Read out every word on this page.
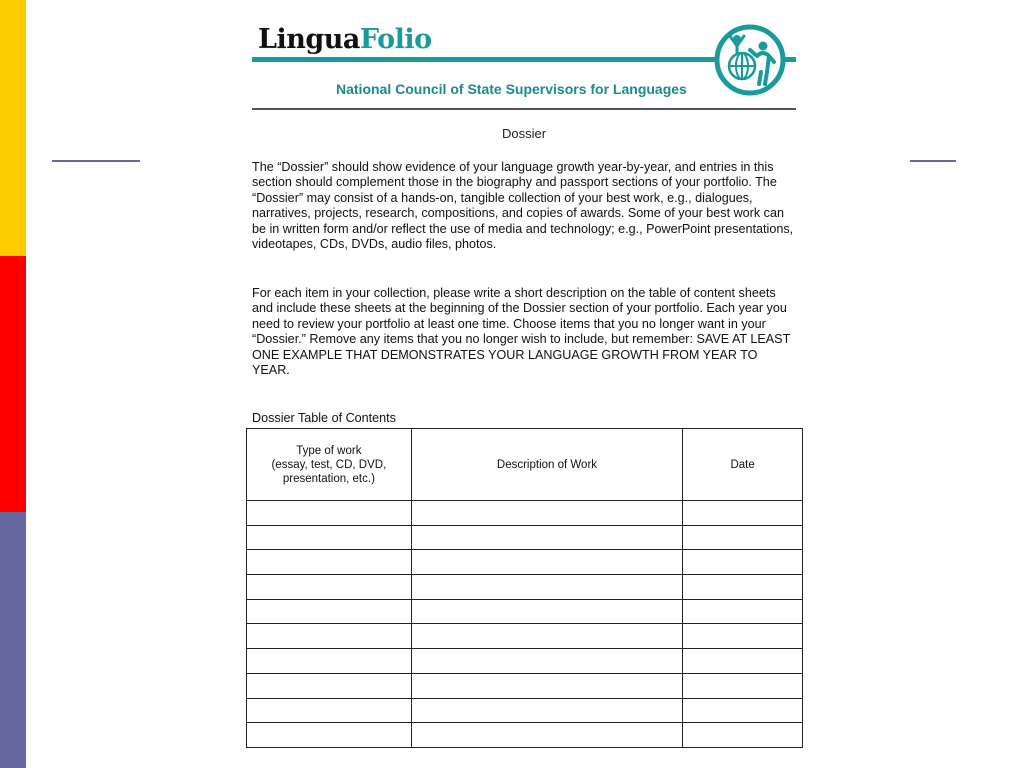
LinguaFolio
National Council of State Supervisors for Languages
Dossier

The “Dossier” should show evidence of your language growth year-by-year, and entries in this section should complement those in the biography and passport sections of your portfolio. The “Dossier” may consist of a hands-on, tangible collection of your best work, e.g., dialogues, narratives, projects, research, compositions, and copies of awards. Some of your best work can be in written form and/or reflect the use of media and technology; e.g., PowerPoint presentations, videotapes, CDs, DVDs, audio files, photos.

For each item in your collection, please write a short description on the table of content sheets and include these sheets at the beginning of the Dossier section of your portfolio. Each year you need to review your portfolio at least one time. Choose items that you no longer want in your “Dossier.” Remove any items that you no longer wish to include, but remember: SAVE AT LEAST ONE EXAMPLE THAT DEMONSTRATES YOUR LANGUAGE GROWTH FROM YEAR TO YEAR.

Dossier Table of Contents
Type of work
(essay, test, CD, DVD,
presentation, etc.)	Description of Work	Date
